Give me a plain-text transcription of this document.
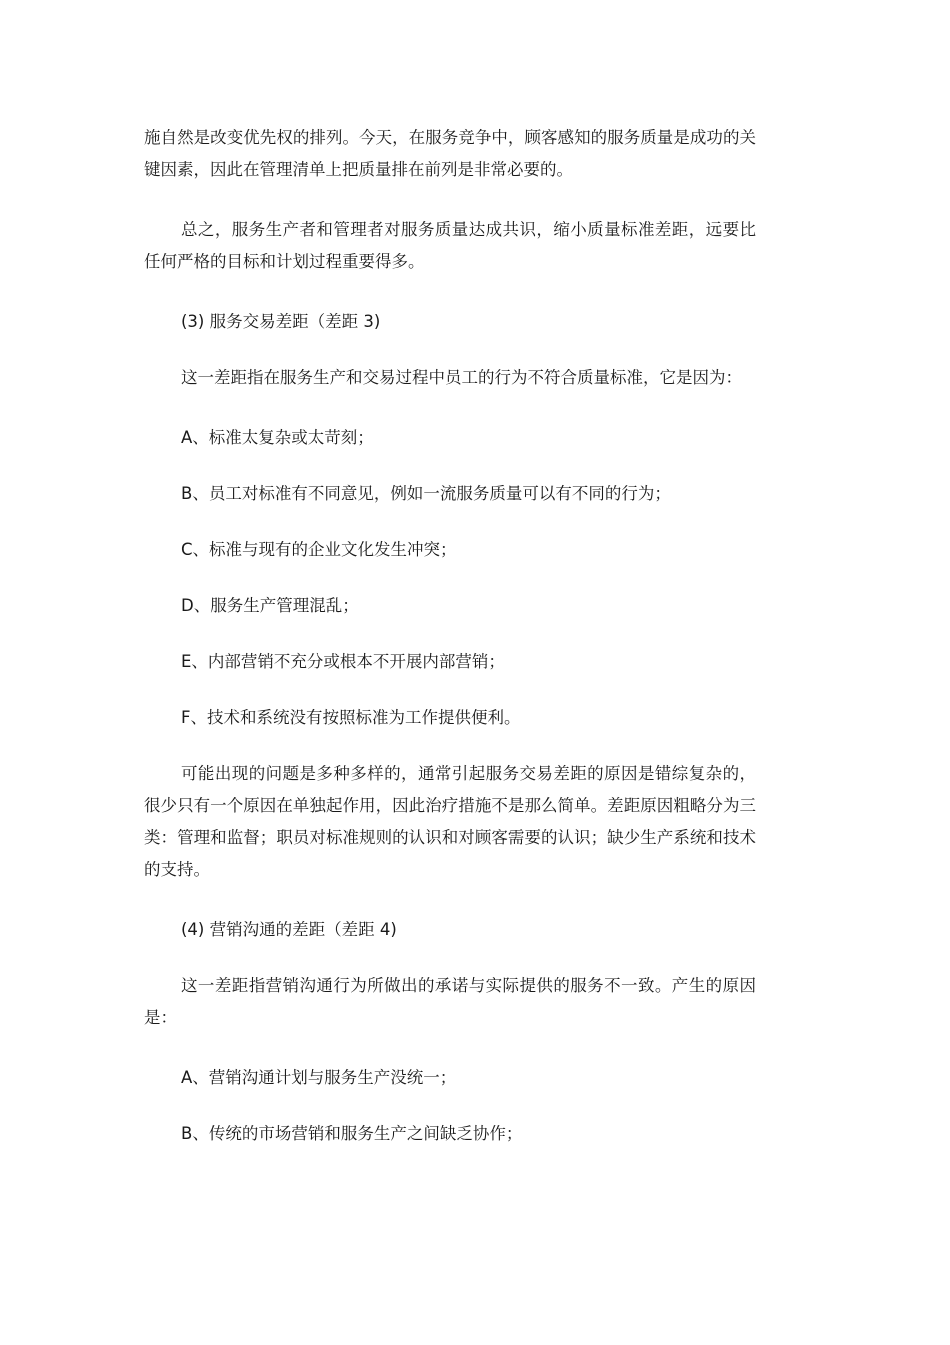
施自然是改变优先权的排列。今天，在服务竞争中，顾客感知的服务质量是成功的关键因素，因此在管理清单上把质量排在前列是非常必要的。

总之，服务生产者和管理者对服务质量达成共识，缩小质量标准差距，远要比任何严格的目标和计划过程重要得多。

(3) 服务交易差距（差距 3)

这一差距指在服务生产和交易过程中员工的行为不符合质量标准，它是因为：

A、标准太复杂或太苛刻；

B、员工对标准有不同意见，例如一流服务质量可以有不同的行为；

C、标准与现有的企业文化发生冲突；

D、服务生产管理混乱；

E、内部营销不充分或根本不开展内部营销；

F、技术和系统没有按照标准为工作提供便利。

可能出现的问题是多种多样的，通常引起服务交易差距的原因是错综复杂的，很少只有一个原因在单独起作用，因此治疗措施不是那么简单。差距原因粗略分为三类：管理和监督；职员对标准规则的认识和对顾客需要的认识；缺少生产系统和技术的支持。

(4) 营销沟通的差距（差距 4)

这一差距指营销沟通行为所做出的承诺与实际提供的服务不一致。产生的原因是：

A、营销沟通计划与服务生产没统一；

B、传统的市场营销和服务生产之间缺乏协作；
